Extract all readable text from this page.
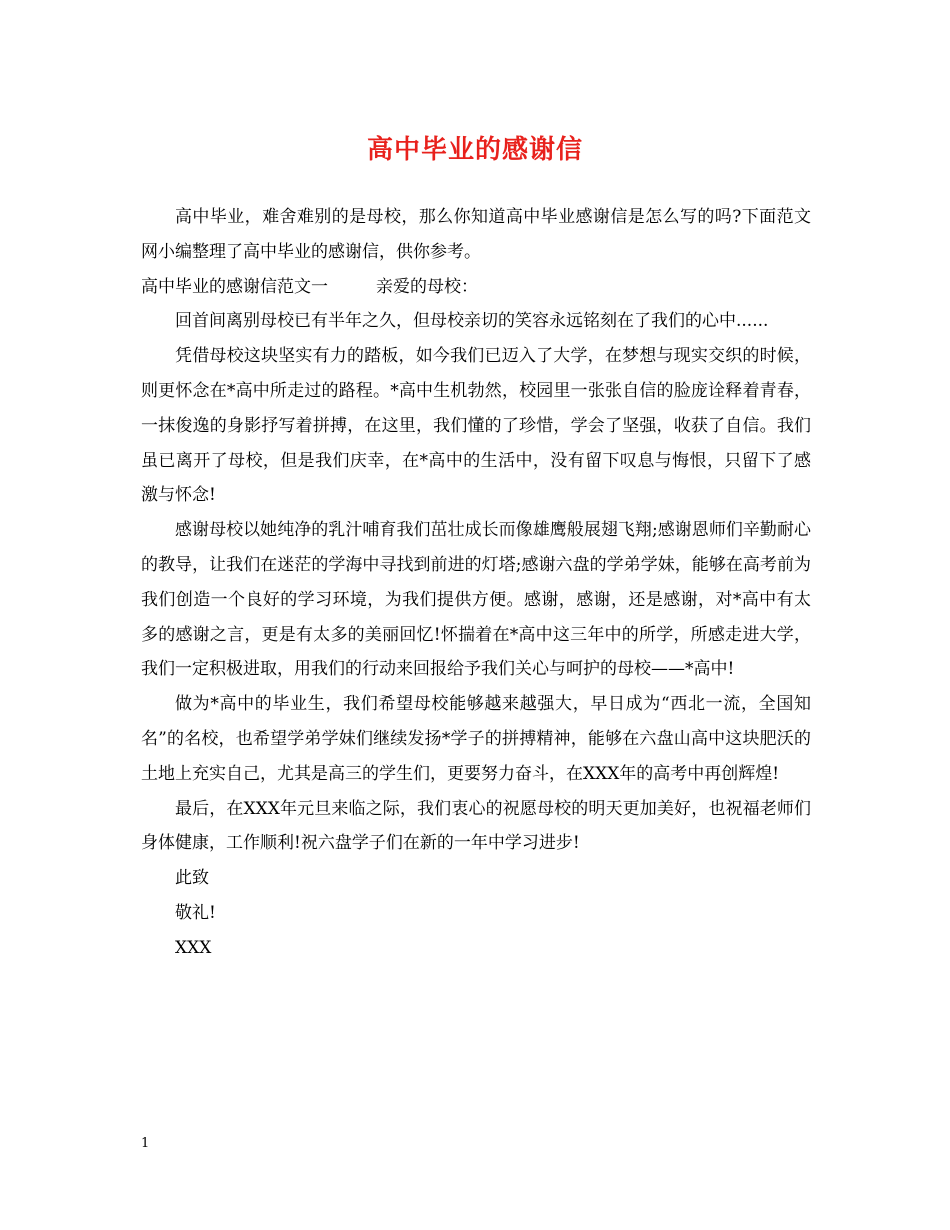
高中毕业的感谢信

高中毕业，难舍难别的是母校，那么你知道高中毕业感谢信是怎么写的吗?下面范文网小编整理了高中毕业的感谢信，供你参考。

高中毕业的感谢信范文一	亲爱的母校：

回首间离别母校已有半年之久，但母校亲切的笑容永远铭刻在了我们的心中......

凭借母校这块坚实有力的踏板，如今我们已迈入了大学，在梦想与现实交织的时候，则更怀念在*高中所走过的路程。*高中生机勃然，校园里一张张自信的脸庞诠释着青春，一抹俊逸的身影抒写着拼搏，在这里，我们懂的了珍惜，学会了坚强，收获了自信。我们虽已离开了母校，但是我们庆幸，在*高中的生活中，没有留下叹息与悔恨，只留下了感激与怀念!

感谢母校以她纯净的乳汁哺育我们茁壮成长而像雄鹰般展翅飞翔;感谢恩师们辛勤耐心的教导，让我们在迷茫的学海中寻找到前进的灯塔;感谢六盘的学弟学妹，能够在高考前为我们创造一个良好的学习环境，为我们提供方便。感谢，感谢，还是感谢，对*高中有太多的感谢之言，更是有太多的美丽回忆!怀揣着在*高中这三年中的所学，所感走进大学，我们一定积极进取，用我们的行动来回报给予我们关心与呵护的母校——*高中!

做为*高中的毕业生，我们希望母校能够越来越强大，早日成为“西北一流，全国知名”的名校，也希望学弟学妹们继续发扬*学子的拼搏精神，能够在六盘山高中这块肥沃的土地上充实自己，尤其是高三的学生们，更要努力奋斗，在XXX年的高考中再创辉煌!

最后，在XXX年元旦来临之际，我们衷心的祝愿母校的明天更加美好，也祝福老师们身体健康，工作顺利!祝六盘学子们在新的一年中学习进步!

此致

敬礼!

XXX

1
